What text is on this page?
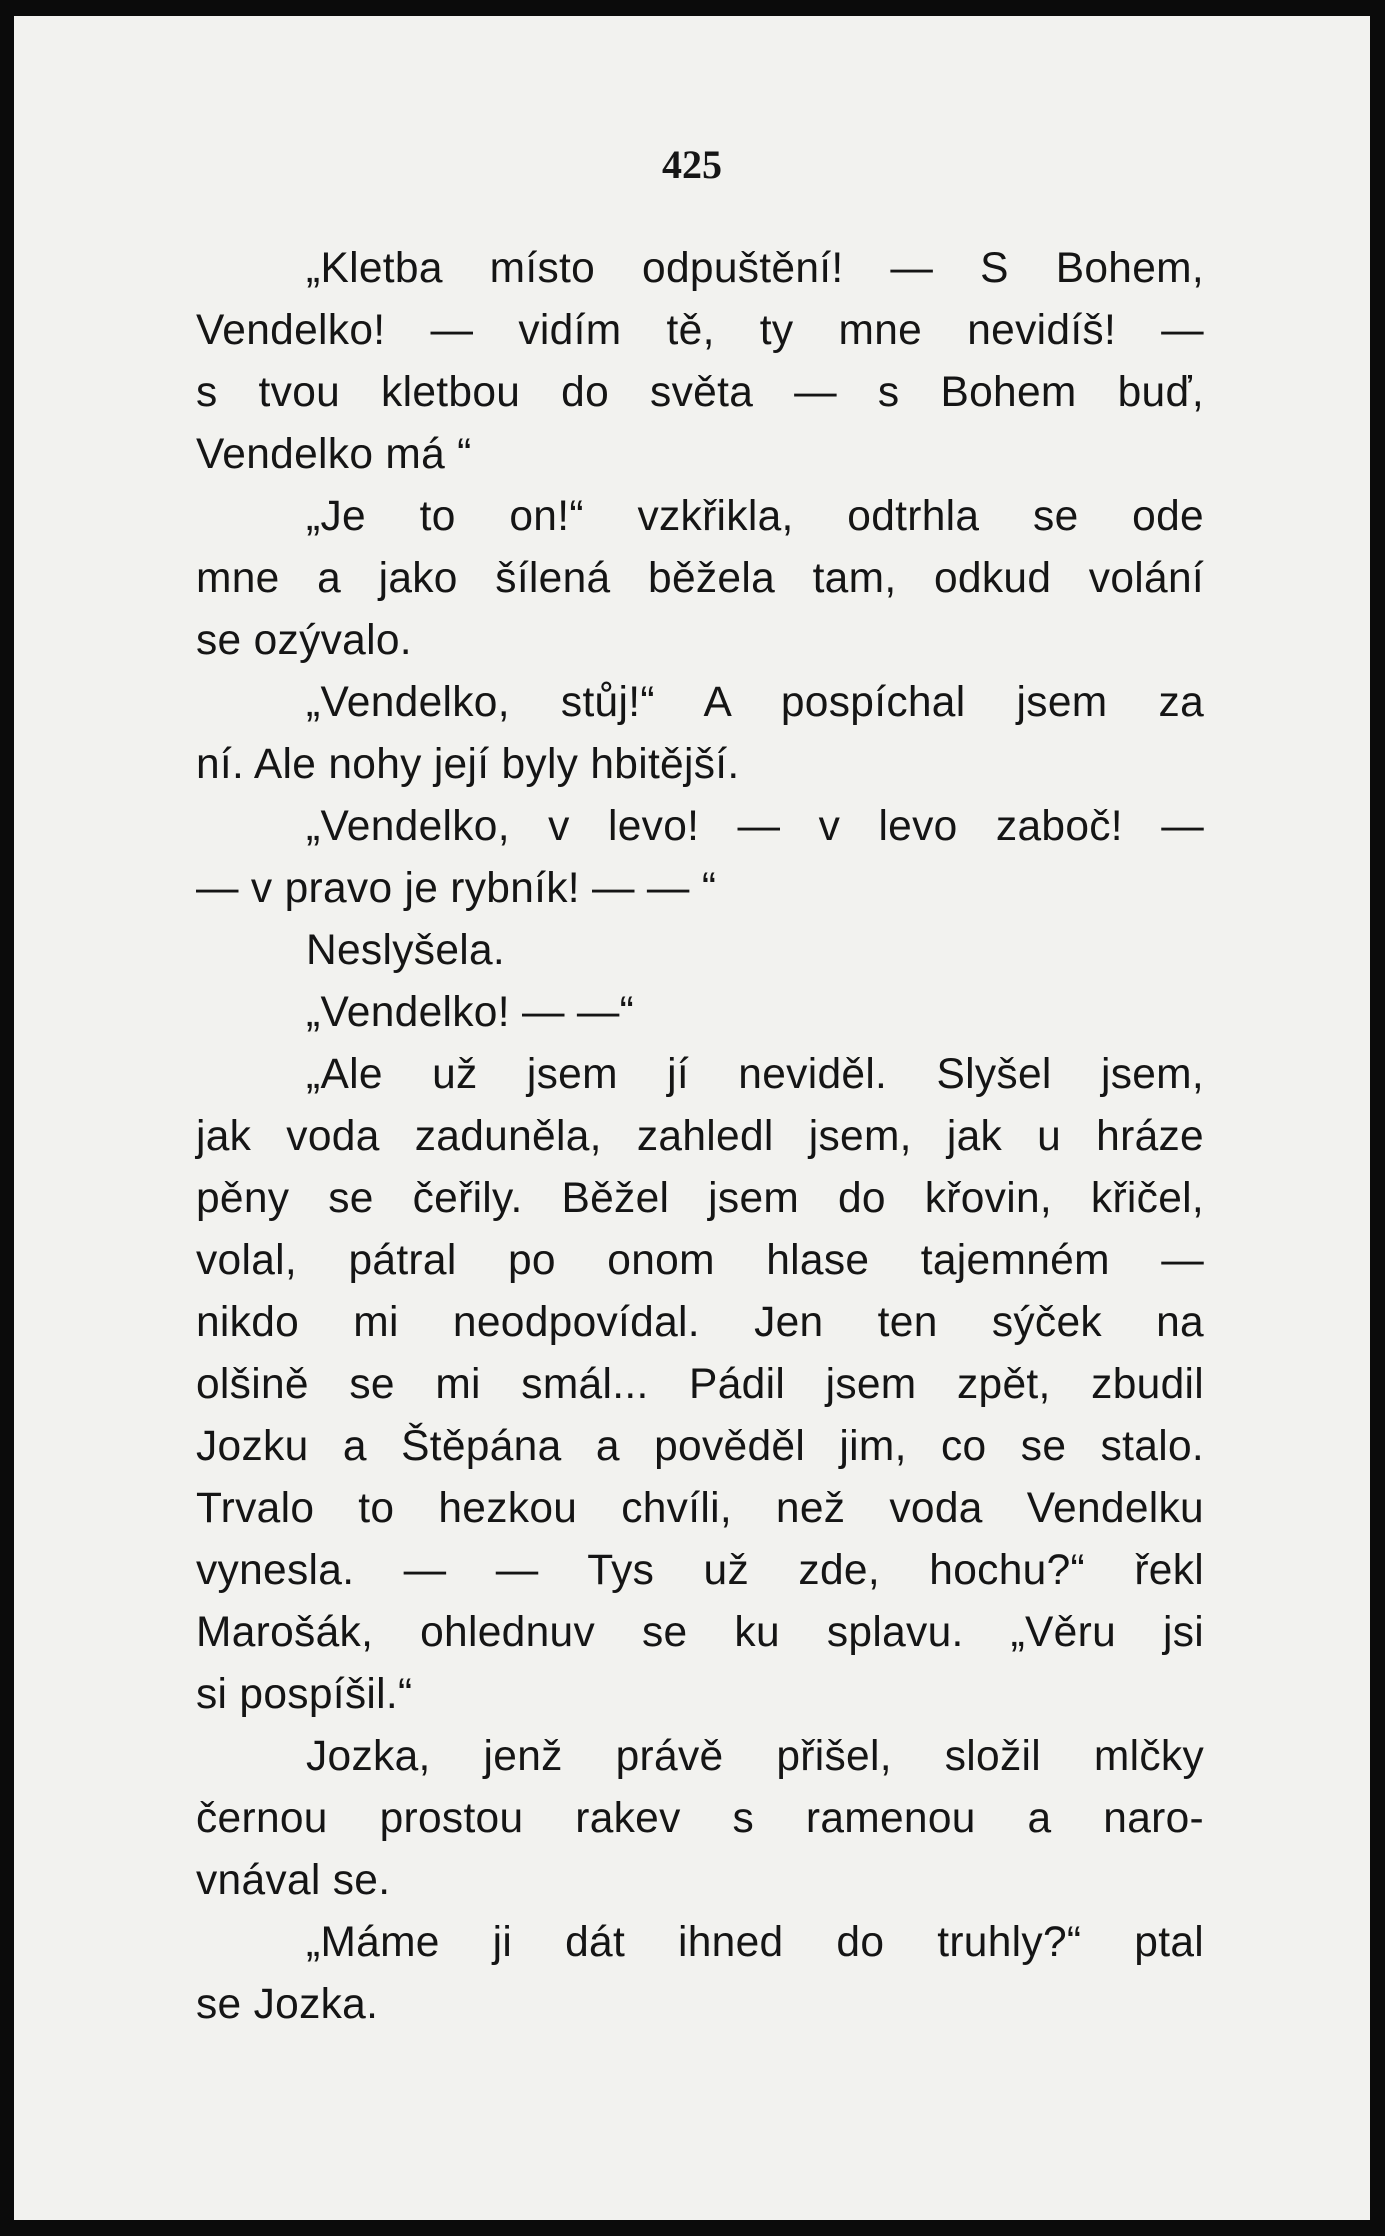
425
„Kletba místo odpuštění! — S Bohem,
Vendelko! — vidím tě, ty mne nevidíš! —
s tvou kletbou do světa — s Bohem buď,
Vendelko má “
„Je to on!“ vzkřikla, odtrhla se ode
mne a jako šílená běžela tam, odkud volání
se ozývalo.
„Vendelko, stůj!“ A pospíchal jsem za
ní. Ale nohy její byly hbitější.
„Vendelko, v levo! — v levo zaboč! —
— v pravo je rybník! — — “
Neslyšela.
„Vendelko! — —“
„Ale už jsem jí neviděl. Slyšel jsem,
jak voda zaduněla, zahledl jsem, jak u hráze
pěny se čeřily. Běžel jsem do křovin, křičel,
volal, pátral po onom hlase tajemném —
nikdo mi neodpovídal. Jen ten sýček na
olšině se mi smál... Pádil jsem zpět, zbudil
Jozku a Štěpána a pověděl jim, co se stalo.
Trvalo to hezkou chvíli, než voda Vendelku
vynesla. — — Tys už zde, hochu?“ řekl
Marošák, ohlednuv se ku splavu. „Věru jsi
si pospíšil.“
Jozka, jenž právě přišel, složil mlčky
černou prostou rakev s ramenou a naro-
vnával se.
„Máme ji dát ihned do truhly?“ ptal
se Jozka.
